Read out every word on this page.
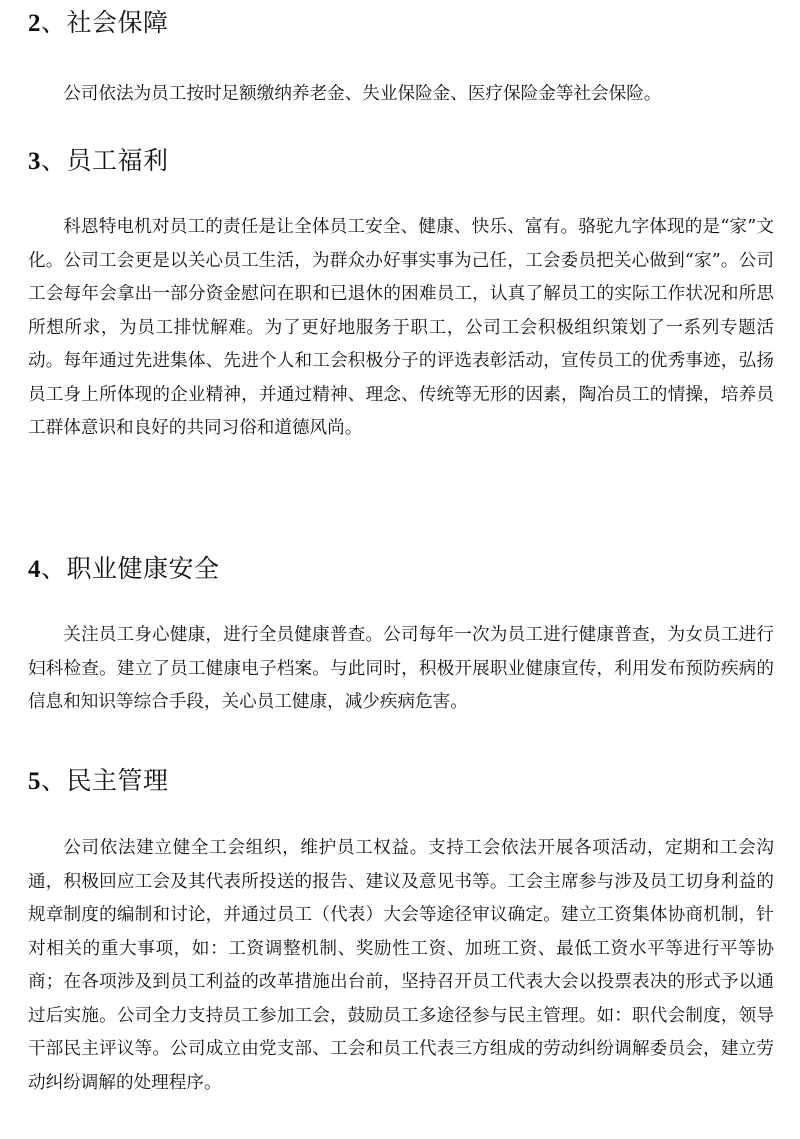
2、社会保障

公司依法为员工按时足额缴纳养老金、失业保险金、医疗保险金等社会保险。

3、员工福利

科恩特电机对员工的责任是让全体员工安全、健康、快乐、富有。骆驼九字体现的是“家”文化。公司工会更是以关心员工生活，为群众办好事实事为己任，工会委员把关心做到“家”。公司工会每年会拿出一部分资金慰问在职和已退休的困难员工，认真了解员工的实际工作状况和所思所想所求，为员工排忧解难。为了更好地服务于职工，公司工会积极组织策划了一系列专题活动。每年通过先进集体、先进个人和工会积极分子的评选表彰活动，宣传员工的优秀事迹，弘扬员工身上所体现的企业精神，并通过精神、理念、传统等无形的因素，陶冶员工的情操，培养员工群体意识和良好的共同习俗和道德风尚。

4、职业健康安全

关注员工身心健康，进行全员健康普查。公司每年一次为员工进行健康普查，为女员工进行妇科检查。建立了员工健康电子档案。与此同时，积极开展职业健康宣传，利用发布预防疾病的信息和知识等综合手段，关心员工健康，减少疾病危害。

5、民主管理

公司依法建立健全工会组织，维护员工权益。支持工会依法开展各项活动，定期和工会沟通，积极回应工会及其代表所投送的报告、建议及意见书等。工会主席参与涉及员工切身利益的规章制度的编制和讨论，并通过员工（代表）大会等途径审议确定。建立工资集体协商机制，针对相关的重大事项，如：工资调整机制、奖励性工资、加班工资、最低工资水平等进行平等协商；在各项涉及到员工利益的改革措施出台前，坚持召开员工代表大会以投票表决的形式予以通过后实施。公司全力支持员工参加工会，鼓励员工多途径参与民主管理。如：职代会制度，领导干部民主评议等。公司成立由党支部、工会和员工代表三方组成的劳动纠纷调解委员会，建立劳动纠纷调解的处理程序。
